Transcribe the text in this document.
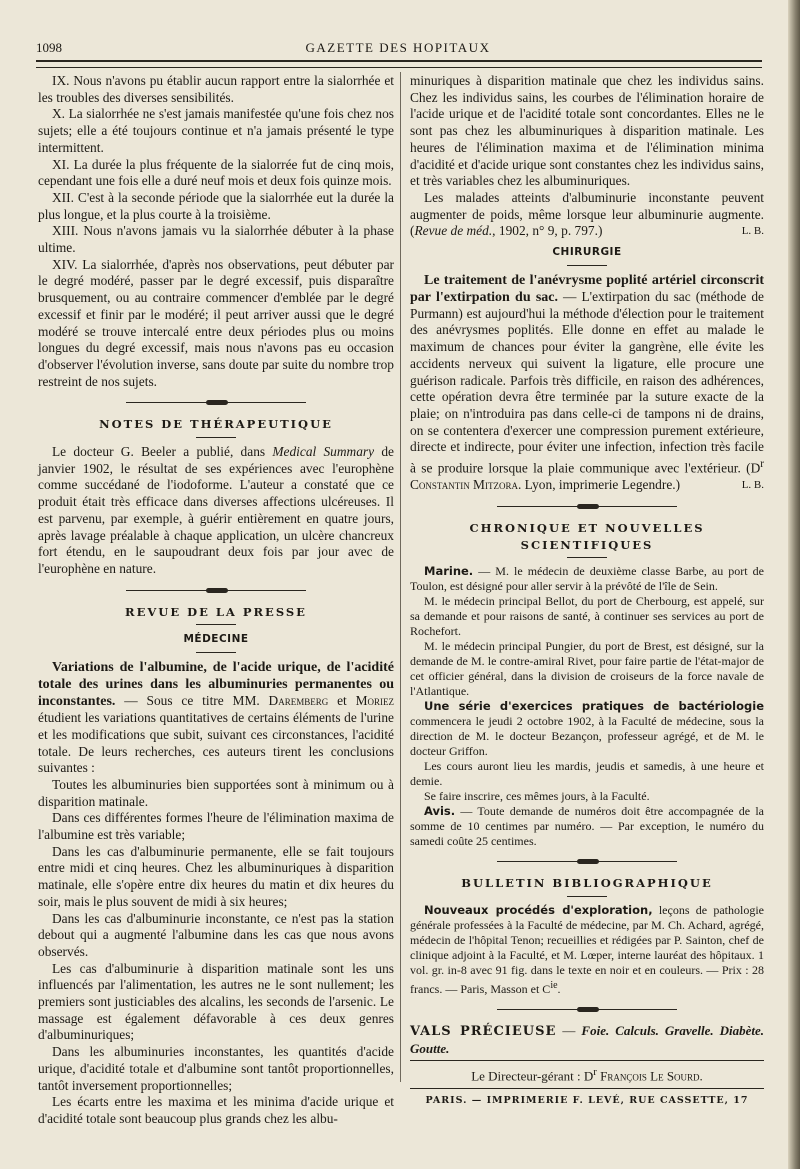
1098	GAZETTE DES HOPITAUX

IX. Nous n'avons pu établir aucun rapport entre la sialorrhée et les troubles des diverses sensibilités.

X. La sialorrhée ne s'est jamais manifestée qu'une fois chez nos sujets; elle a été toujours continue et n'a jamais présenté le type intermittent.

XI. La durée la plus fréquente de la sialorrée fut de cinq mois, cependant une fois elle a duré neuf mois et deux fois quinze mois.

XII. C'est à la seconde période que la sialorrhée eut la durée la plus longue, et la plus courte à la troisième.

XIII. Nous n'avons jamais vu la sialorrhée débuter à la phase ultime.

XIV. La sialorrhée, d'après nos observations, peut débuter par le degré modéré, passer par le degré excessif, puis disparaître brusquement, ou au contraire commencer d'emblée par le degré excessif et finir par le modéré; il peut arriver aussi que le degré modéré se trouve intercalé entre deux périodes plus ou moins longues du degré excessif, mais nous n'avons pas eu occasion d'observer l'évolution inverse, sans doute par suite du nombre trop restreint de nos sujets.

NOTES DE THÉRAPEUTIQUE

Le docteur G. Beeler a publié, dans Medical Summary de janvier 1902, le résultat de ses expériences avec l'europhène comme succédané de l'iodoforme. L'auteur a constaté que ce produit était très efficace dans diverses affections ulcéreuses. Il est parvenu, par exemple, à guérir entièrement en quatre jours, après lavage préalable à chaque application, un ulcère chancreux fort étendu, en le saupoudrant deux fois par jour avec de l'europhène en nature.

REVUE DE LA PRESSE
MÉDECINE

Variations de l'albumine, de l'acide urique, de l'acidité totale des urines dans les albuminuries permanentes ou inconstantes. — Sous ce titre MM. Daremberg et Moriez étudient les variations quantitatives de certains éléments de l'urine et les modifications que subit, suivant ces circonstances, l'acidité totale. De leurs recherches, ces auteurs tirent les conclusions suivantes :

Toutes les albuminuries bien supportées sont à minimum ou à disparition matinale.

Dans ces différentes formes l'heure de l'élimination maxima de l'albumine est très variable;

Dans les cas d'albuminurie permanente, elle se fait toujours entre midi et cinq heures. Chez les albuminuriques à disparition matinale, elle s'opère entre dix heures du matin et dix heures du soir, mais le plus souvent de midi à six heures;

Dans les cas d'albuminurie inconstante, ce n'est pas la station debout qui a augmenté l'albumine dans les cas que nous avons observés.

Les cas d'albuminurie à disparition matinale sont les uns influencés par l'alimentation, les autres ne le sont nullement; les premiers sont justiciables des alcalins, les seconds de l'arsenic. Le massage est également défavorable à ces deux genres d'albuminuriques;

Dans les albuminuries inconstantes, les quantités d'acide urique, d'acidité totale et d'albumine sont tantôt proportionnelles, tantôt inversement proportionnelles;

Les écarts entre les maxima et les minima d'acide urique et d'acidité totale sont beaucoup plus grands chez les albu-

minuriques à disparition matinale que chez les individus sains. Chez les individus sains, les courbes de l'élimination horaire de l'acide urique et de l'acidité totale sont concordantes. Elles ne le sont pas chez les albuminuriques à disparition matinale. Les heures de l'élimination maxima et de l'élimination minima d'acidité et d'acide urique sont constantes chez les individus sains, et très variables chez les albuminuriques.

Les malades atteints d'albuminurie inconstante peuvent augmenter de poids, même lorsque leur albuminurie augmente. (Revue de méd., 1902, n° 9, p. 797.)	L. B.

CHIRURGIE

Le traitement de l'anévrysme poplité artériel circonscrit par l'extirpation du sac. — L'extirpation du sac (méthode de Purmann) est aujourd'hui la méthode d'élection pour le traitement des anévrysmes poplités. Elle donne en effet au malade le maximum de chances pour éviter la gangrène, elle évite les accidents nerveux qui suivent la ligature, elle procure une guérison radicale. Parfois très difficile, en raison des adhérences, cette opération devra être terminée par la suture exacte de la plaie; on n'introduira pas dans celle-ci de tampons ni de drains, on se contentera d'exercer une compression purement extérieure, directe et indirecte, pour éviter une infection, infection très facile à se produire lorsque la plaie communique avec l'extérieur. ($D^r$ Constantin Mitzora. Lyon, imprimerie Legendre.)	L. B.

CHRONIQUE ET NOUVELLES SCIENTIFIQUES

Marine. — M. le médecin de deuxième classe Barbe, au port de Toulon, est désigné pour aller servir à la prévôté de l'île de Sein.

M. le médecin principal Bellot, du port de Cherbourg, est appelé, sur sa demande et pour raisons de santé, à continuer ses services au port de Rochefort.

M. le médecin principal Pungier, du port de Brest, est désigné, sur la demande de M. le contre-amiral Rivet, pour faire partie de l'état-major de cet officier général, dans la division de croiseurs de la force navale de l'Atlantique.

Une série d'exercices pratiques de bactériologie commencera le jeudi 2 octobre 1902, à la Faculté de médecine, sous la direction de M. le docteur Bezançon, professeur agrégé, et de M. le docteur Griffon.

Les cours auront lieu les mardis, jeudis et samedis, à une heure et demie.

Se faire inscrire, ces mêmes jours, à la Faculté.

Avis. — Toute demande de numéros doit être accompagnée de la somme de 10 centimes par numéro. — Par exception, le numéro du samedi coûte 25 centimes.

BULLETIN BIBLIOGRAPHIQUE

Nouveaux procédés d'exploration, leçons de pathologie générale professées à la Faculté de médecine, par M. Ch. Achard, agrégé, médecin de l'hôpital Tenon; recueillies et rédigées par P. Sainton, chef de clinique adjoint à la Faculté, et M. Lœper, interne lauréat des hôpitaux. 1 vol. gr. in-8 avec 91 fig. dans le texte en noir et en couleurs. — Prix : 28 francs. — Paris, Masson et $C^{ie}$.

VALS PRÉCIEUSE — Foie. Calculs. Gravelle. Diabète. Goutte.

Le Directeur-gérant : $D^r$ François Le Sourd.
PARIS. — IMPRIMERIE F. LEVÉ, RUE CASSETTE, 17
